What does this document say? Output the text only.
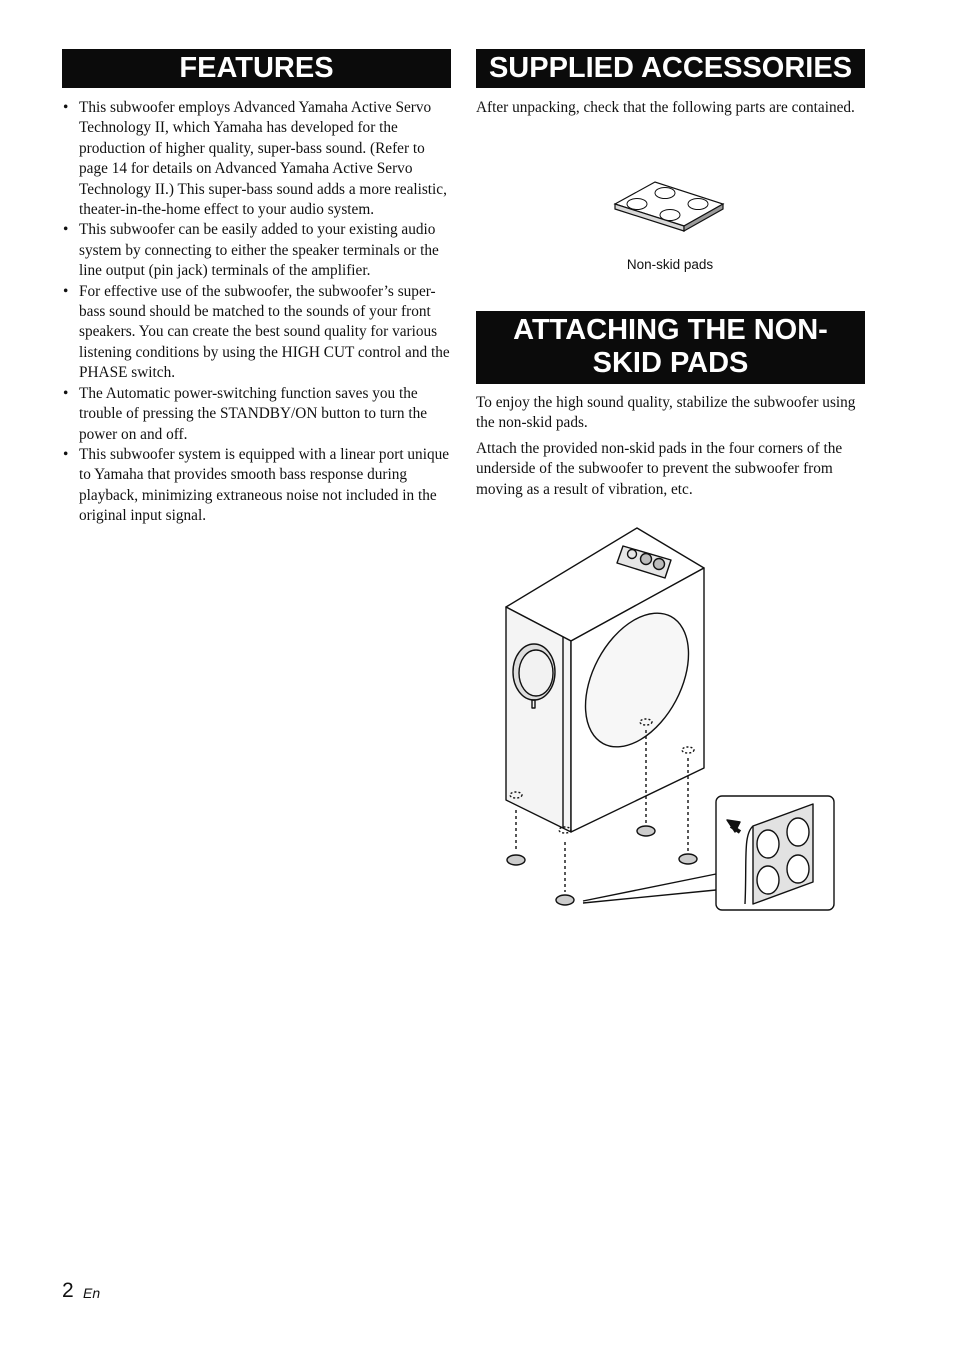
FEATURES
• This subwoofer employs Advanced Yamaha Active Servo Technology II, which Yamaha has developed for the production of higher quality, super-bass sound. (Refer to page 14 for details on Advanced Yamaha Active Servo Technology II.) This super-bass sound adds a more realistic, theater-in-the-home effect to your audio system.
• This subwoofer can be easily added to your existing audio system by connecting to either the speaker terminals or the line output (pin jack) terminals of the amplifier.
• For effective use of the subwoofer, the subwoofer’s super-bass sound should be matched to the sounds of your front speakers. You can create the best sound quality for various listening conditions by using the HIGH CUT control and the PHASE switch.
• The Automatic power-switching function saves you the trouble of pressing the STANDBY/ON button to turn the power on and off.
• This subwoofer system is equipped with a linear port unique to Yamaha that provides smooth bass response during playback, minimizing extraneous noise not included in the original input signal.
SUPPLIED ACCESSORIES

After unpacking, check that the following parts are contained.

Non-skid pads
ATTACHING THE NON-
SKID PADS

To enjoy the high sound quality, stabilize the subwoofer using the non-skid pads.

Attach the provided non-skid pads in the four corners of the underside of the subwoofer to prevent the subwoofer from moving as a result of vibration, etc.

2 En
